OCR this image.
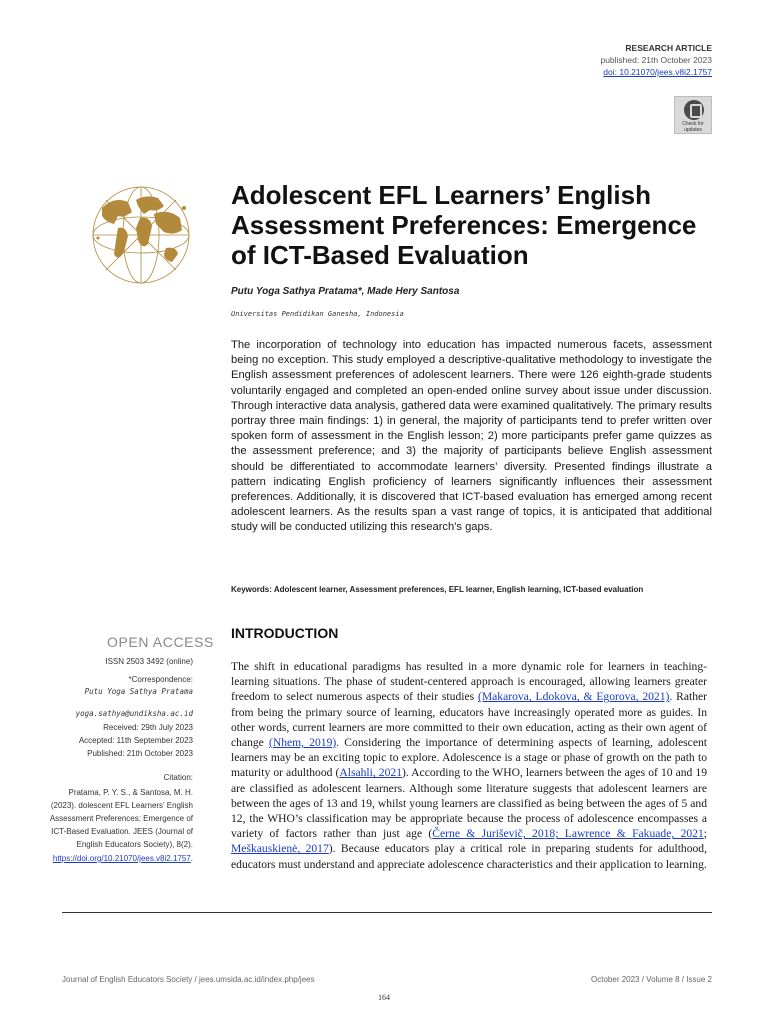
RESEARCH ARTICLE
published: 21th October 2023
doi: 10.21070/jees.v8i2.1757
Check for updates
Adolescent EFL Learners’ English Assessment Preferences: Emergence of ICT-Based Evaluation
Putu Yoga Sathya Pratama*, Made Hery Santosa
Universitas Pendidikan Ganesha, Indonesia
The incorporation of technology into education has impacted numerous facets, assessment being no exception. This study employed a descriptive-qualitative methodology to investigate the English assessment preferences of adolescent learners. There were 126 eighth-grade students voluntarily engaged and completed an open-ended online survey about issue under discussion. Through interactive data analysis, gathered data were examined qualitatively. The primary results portray three main findings: 1) in general, the majority of participants tend to prefer written over spoken form of assessment in the English lesson; 2) more participants prefer game quizzes as the assessment preference; and 3) the majority of participants believe English assessment should be differentiated to accommodate learners’ diversity. Presented findings illustrate a pattern indicating English proficiency of learners significantly influences their assessment preferences. Additionally, it is discovered that ICT-based evaluation has emerged among recent adolescent learners. As the results span a vast range of topics, it is anticipated that additional study will be conducted utilizing this research's gaps.
Keywords: Adolescent learner, Assessment preferences, EFL learner, English learning, ICT-based evaluation
OPEN ACCESS
ISSN 2503 3492 (online)
*Correspondence:
Putu Yoga Sathya Pratama
yoga.sathya@undiksha.ac.id
Received: 29th July 2023
Accepted: 11th September 2023
Published: 21th October 2023
Citation:
Pratama, P. Y. S., & Santosa, M. H.
(2023). dolescent EFL Learners’ English
Assessment Preferences: Emergence of
ICT-Based Evaluation. JEES (Journal of
English Educators Society), 8(2).
https://doi.org/10.21070/jees.v8i2.1757.
INTRODUCTION
The shift in educational paradigms has resulted in a more dynamic role for learners in teaching-learning situations. The phase of student-centered approach is encouraged, allowing learners greater freedom to select numerous aspects of their studies (Makarova, Ldokova, & Egorova, 2021). Rather from being the primary source of learning, educators have increasingly operated more as guides. In other words, current learners are more committed to their own education, acting as their own agent of change (Nhem, 2019). Considering the importance of determining aspects of learning, adolescent learners may be an exciting topic to explore. Adolescence is a stage or phase of growth on the path to maturity or adulthood (Alsahli, 2021). According to the WHO, learners between the ages of 10 and 19 are classified as adolescent learners. Although some literature suggests that adolescent learners are between the ages of 13 and 19, whilst young learners are classified as being between the ages of 5 and 12, the WHO’s classification may be appropriate because the process of adolescence encompasses a variety of factors rather than just age (Černe & Juriševič, 2018; Lawrence & Fakuade, 2021; Meškauskienė, 2017). Because educators play a critical role in preparing students for adulthood, educators must understand and appreciate adolescence characteristics and their application to learning.
Journal of English Educators Society / jees.umsida.ac.id/index.php/jees	October 2023 / Volume 8 / Issue 2
164
